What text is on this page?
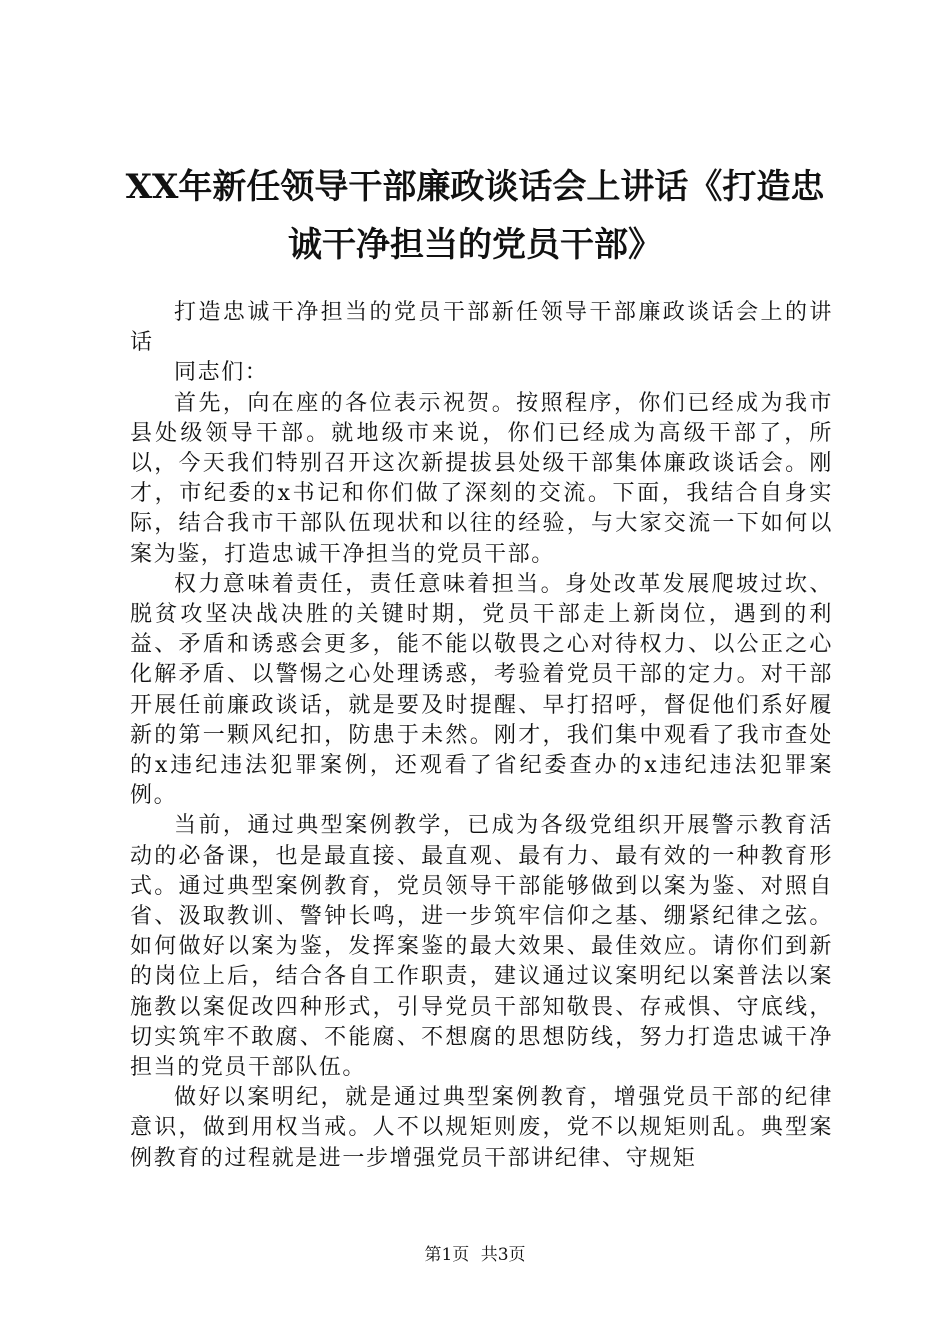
XX年新任领导干部廉政谈话会上讲话《打造忠诚干净担当的党员干部》

打造忠诚干净担当的党员干部新任领导干部廉政谈话会上的讲话

同志们：

首先，向在座的各位表示祝贺。按照程序，你们已经成为我市县处级领导干部。就地级市来说，你们已经成为高级干部了，所以，今天我们特别召开这次新提拔县处级干部集体廉政谈话会。刚才，市纪委的x书记和你们做了深刻的交流。下面，我结合自身实际，结合我市干部队伍现状和以往的经验，与大家交流一下如何以案为鉴，打造忠诚干净担当的党员干部。

权力意味着责任，责任意味着担当。身处改革发展爬坡过坎、脱贫攻坚决战决胜的关键时期，党员干部走上新岗位，遇到的利益、矛盾和诱惑会更多，能不能以敬畏之心对待权力、以公正之心化解矛盾、以警惕之心处理诱惑，考验着党员干部的定力。对干部开展任前廉政谈话，就是要及时提醒、早打招呼，督促他们系好履新的第一颗风纪扣，防患于未然。刚才，我们集中观看了我市查处的x违纪违法犯罪案例，还观看了省纪委查办的x违纪违法犯罪案例。

当前，通过典型案例教学，已成为各级党组织开展警示教育活动的必备课，也是最直接、最直观、最有力、最有效的一种教育形式。通过典型案例教育，党员领导干部能够做到以案为鉴、对照自省、汲取教训、警钟长鸣，进一步筑牢信仰之基、绷紧纪律之弦。如何做好以案为鉴，发挥案鉴的最大效果、最佳效应。请你们到新的岗位上后，结合各自工作职责，建议通过议案明纪以案普法以案施教以案促改四种形式，引导党员干部知敬畏、存戒惧、守底线，切实筑牢不敢腐、不能腐、不想腐的思想防线，努力打造忠诚干净担当的党员干部队伍。

做好以案明纪，就是通过典型案例教育，增强党员干部的纪律意识，做到用权当戒。人不以规矩则废，党不以规矩则乱。典型案例教育的过程就是进一步增强党员干部讲纪律、守规矩

第1页 共3页
